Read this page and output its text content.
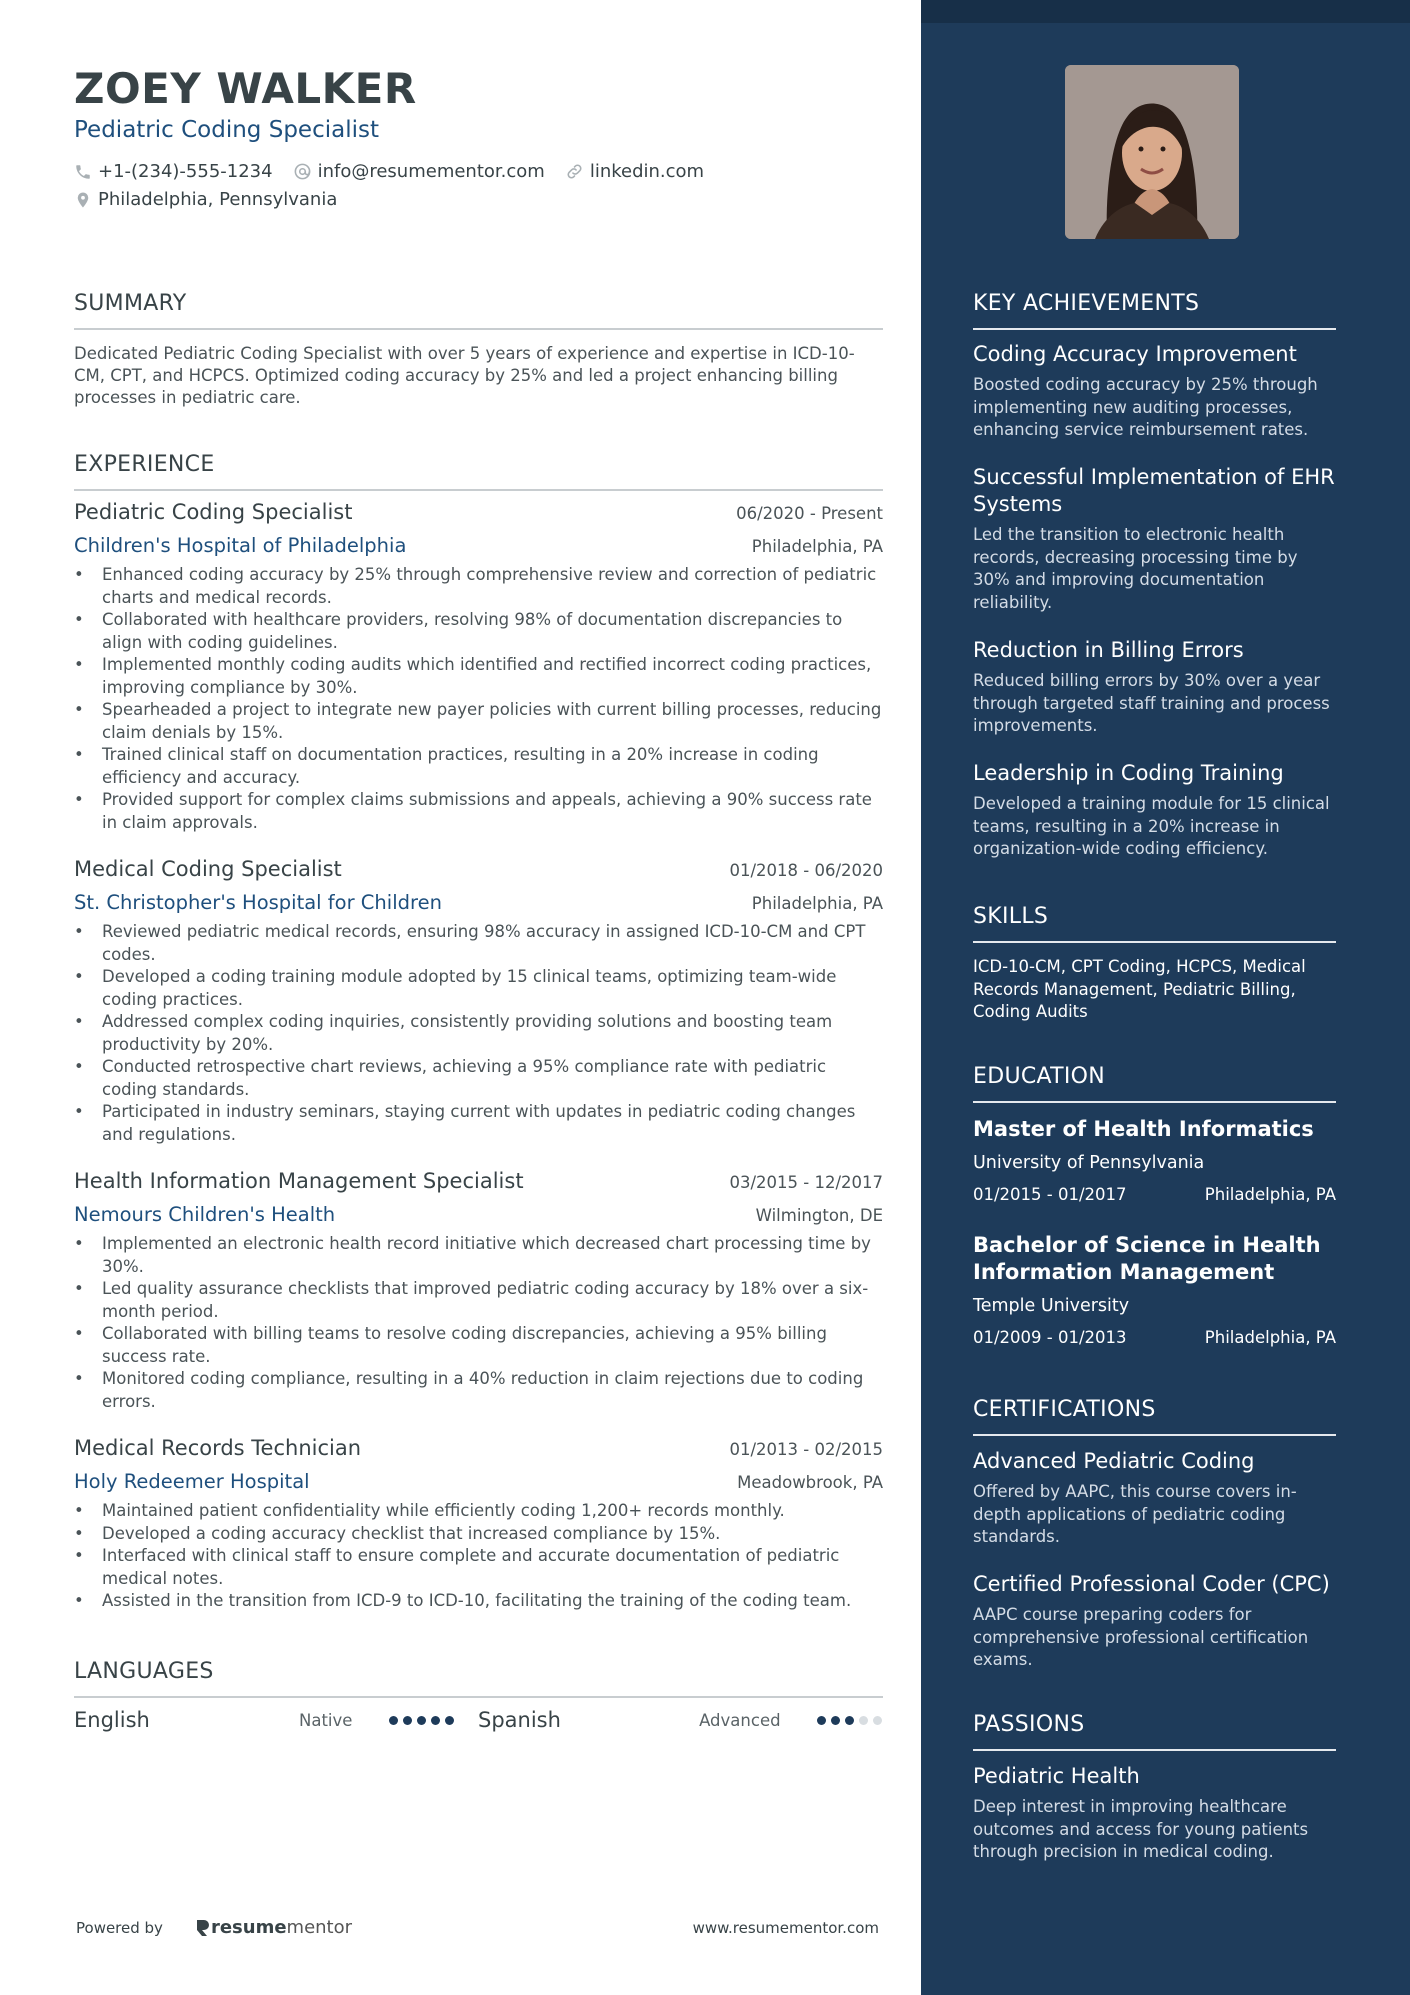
ZOEY WALKER
Pediatric Coding Specialist
+1-(234)-555-1234	info@resumementor.com	linkedin.com
Philadelphia, Pennsylvania
SUMMARY
Dedicated Pediatric Coding Specialist with over 5 years of experience and expertise in ICD-10-CM, CPT, and HCPCS. Optimized coding accuracy by 25% and led a project enhancing billing processes in pediatric care.
EXPERIENCE
Pediatric Coding Specialist	06/2020 - Present
Children's Hospital of Philadelphia	Philadelphia, PA
• Enhanced coding accuracy by 25% through comprehensive review and correction of pediatric charts and medical records.
• Collaborated with healthcare providers, resolving 98% of documentation discrepancies to align with coding guidelines.
• Implemented monthly coding audits which identified and rectified incorrect coding practices, improving compliance by 30%.
• Spearheaded a project to integrate new payer policies with current billing processes, reducing claim denials by 15%.
• Trained clinical staff on documentation practices, resulting in a 20% increase in coding efficiency and accuracy.
• Provided support for complex claims submissions and appeals, achieving a 90% success rate in claim approvals.
Medical Coding Specialist	01/2018 - 06/2020
St. Christopher's Hospital for Children	Philadelphia, PA
• Reviewed pediatric medical records, ensuring 98% accuracy in assigned ICD-10-CM and CPT codes.
• Developed a coding training module adopted by 15 clinical teams, optimizing team-wide coding practices.
• Addressed complex coding inquiries, consistently providing solutions and boosting team productivity by 20%.
• Conducted retrospective chart reviews, achieving a 95% compliance rate with pediatric coding standards.
• Participated in industry seminars, staying current with updates in pediatric coding changes and regulations.
Health Information Management Specialist	03/2015 - 12/2017
Nemours Children's Health	Wilmington, DE
• Implemented an electronic health record initiative which decreased chart processing time by 30%.
• Led quality assurance checklists that improved pediatric coding accuracy by 18% over a six-month period.
• Collaborated with billing teams to resolve coding discrepancies, achieving a 95% billing success rate.
• Monitored coding compliance, resulting in a 40% reduction in claim rejections due to coding errors.
Medical Records Technician	01/2013 - 02/2015
Holy Redeemer Hospital	Meadowbrook, PA
• Maintained patient confidentiality while efficiently coding 1,200+ records monthly.
• Developed a coding accuracy checklist that increased compliance by 15%.
• Interfaced with clinical staff to ensure complete and accurate documentation of pediatric medical notes.
• Assisted in the transition from ICD-9 to ICD-10, facilitating the training of the coding team.
LANGUAGES
English	Native	Spanish	Advanced
Powered by	resume mentor	www.resumementor.com
KEY ACHIEVEMENTS
Coding Accuracy Improvement
Boosted coding accuracy by 25% through implementing new auditing processes, enhancing service reimbursement rates.
Successful Implementation of EHR Systems
Led the transition to electronic health records, decreasing processing time by 30% and improving documentation reliability.
Reduction in Billing Errors
Reduced billing errors by 30% over a year through targeted staff training and process improvements.
Leadership in Coding Training
Developed a training module for 15 clinical teams, resulting in a 20% increase in organization-wide coding efficiency.
SKILLS
ICD-10-CM, CPT Coding, HCPCS, Medical Records Management, Pediatric Billing, Coding Audits
EDUCATION
Master of Health Informatics
University of Pennsylvania
01/2015 - 01/2017	Philadelphia, PA
Bachelor of Science in Health Information Management
Temple University
01/2009 - 01/2013	Philadelphia, PA
CERTIFICATIONS
Advanced Pediatric Coding
Offered by AAPC, this course covers in-depth applications of pediatric coding standards.
Certified Professional Coder (CPC)
AAPC course preparing coders for comprehensive professional certification exams.
PASSIONS
Pediatric Health
Deep interest in improving healthcare outcomes and access for young patients through precision in medical coding.
